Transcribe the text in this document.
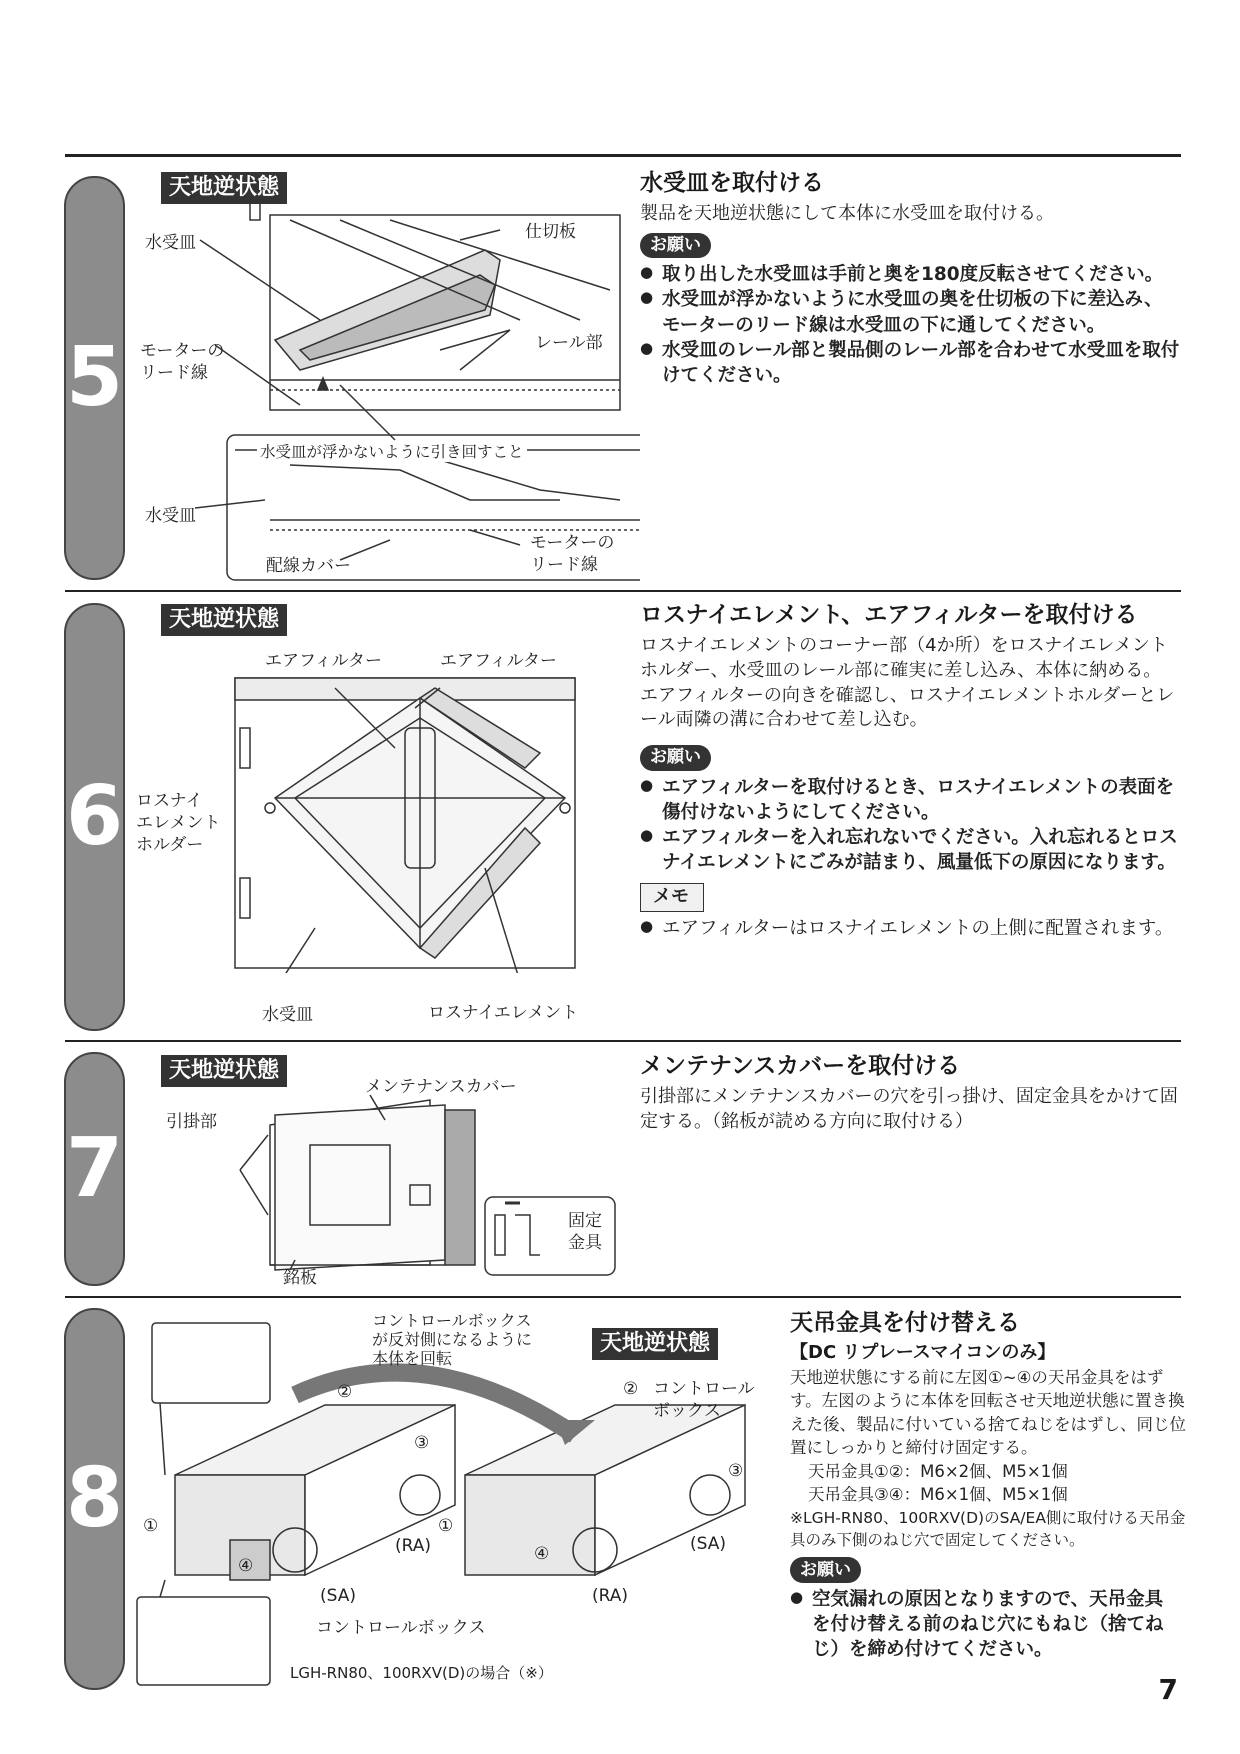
5
天地逆状態
水受皿
仕切板
モーターの
リード線
レール部
水受皿が浮かないように引き回すこと
水受皿
モーターの
リード線
配線カバー
水受皿を取付ける
製品を天地逆状態にして本体に水受皿を取付ける。
お願い
● 取り出した水受皿は手前と奥を180度反転させてください。
● 水受皿が浮かないように水受皿の奥を仕切板の下に差込み、モーターのリード線は水受皿の下に通してください。
● 水受皿のレール部と製品側のレール部を合わせて水受皿を取付けてください。
6
天地逆状態
エアフィルター	エアフィルター
ロスナイ
エレメント
ホルダー
水受皿	ロスナイエレメント
ロスナイエレメント、エアフィルターを取付ける
ロスナイエレメントのコーナー部（4か所）をロスナイエレメントホルダー、水受皿のレール部に確実に差し込み、本体に納める。
エアフィルターの向きを確認し、ロスナイエレメントホルダーとレール両隣の溝に合わせて差し込む。
お願い
● エアフィルターを取付けるとき、ロスナイエレメントの表面を傷付けないようにしてください。
● エアフィルターを入れ忘れないでください。入れ忘れるとロスナイエレメントにごみが詰まり、風量低下の原因になります。
メモ
● エアフィルターはロスナイエレメントの上側に配置されます。
7
天地逆状態
メンテナンスカバー
引掛部
固定
金具
銘板
メンテナンスカバーを取付ける
引掛部にメンテナンスカバーの穴を引っ掛け、固定金具をかけて固定する。（銘板が読める方向に取付ける）
8
天地逆状態
コントロールボックス
が反対側になるように
本体を回転
②
③
①
④
(RA)
(SA)
コントロールボックス
LGH-RN80、100RXV(D)の場合（※）
② コントロール
ボックス
③
①
④	(SA)
(RA)
天吊金具を付け替える
【DC リプレースマイコンのみ】
天地逆状態にする前に左図①~④の天吊金具をはずす。左図のように本体を回転させ天地逆状態に置き換えた後、製品に付いている捨てねじをはずし、同じ位置にしっかりと締付け固定する。
天吊金具①②：M6×2個、M5×1個
天吊金具③④：M6×1個、M5×1個
※LGH-RN80、100RXV(D)のSA/EA側に取付ける天吊金具のみ下側のねじ穴で固定してください。
お願い
● 空気漏れの原因となりますので、天吊金具を付け替える前のねじ穴にもねじ（捨てねじ）を締め付けてください。
7
